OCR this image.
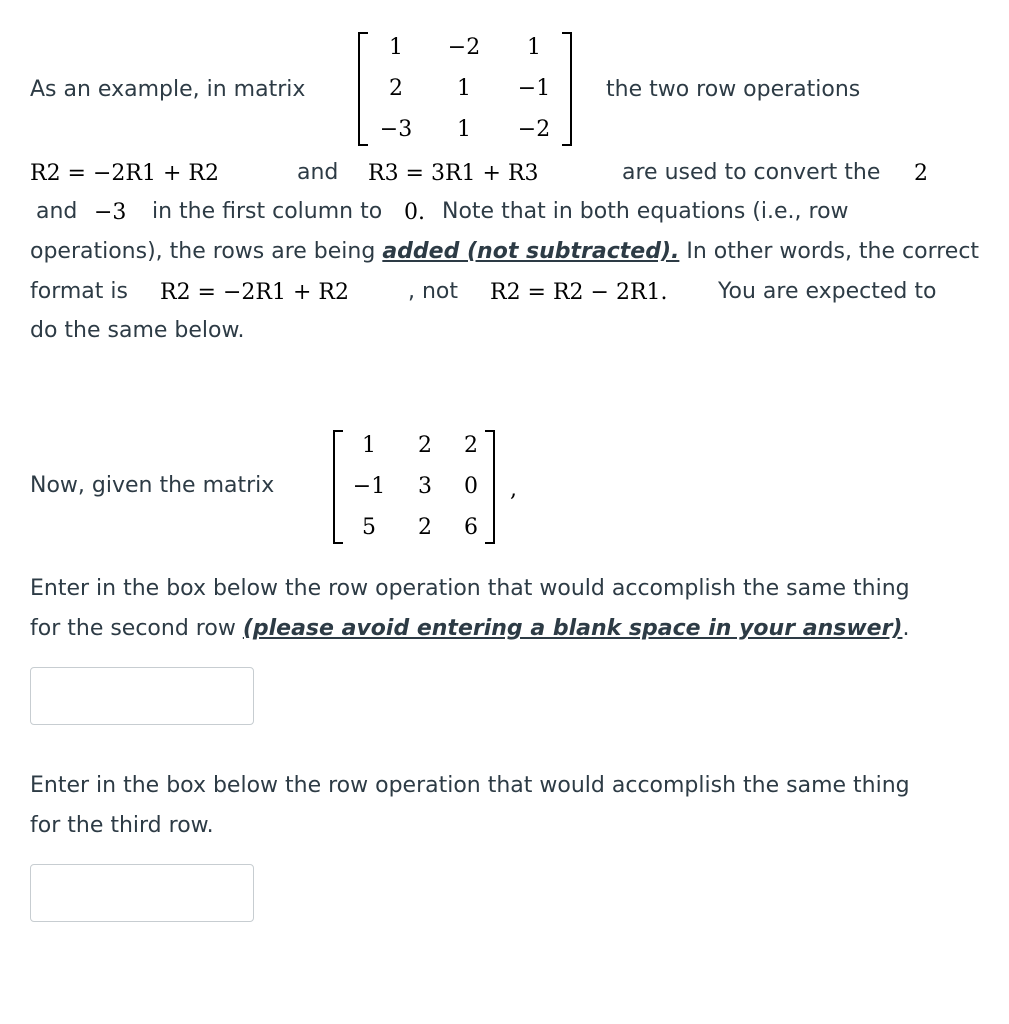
As an example, in matrix
1	−2	1
2	1	−1
−3	1	−2
the two row operations
R2 = −2R1 + R2	and R3 = 3R1 + R3	are used to convert the 2
and −3 in the first column to 0. Note that in both equations (i.e., row
operations), the rows are being added (not subtracted). In other words, the correct
format is R2 = −2R1 + R2	, not R2 = R2 − 2R1. You are expected to
do the same below.
Now, given the matrix
1	2	2
−1	3	0
5	2	6
,
Enter in the box below the row operation that would accomplish the same thing
for the second row (please avoid entering a blank space in your answer).
Enter in the box below the row operation that would accomplish the same thing
for the third row.
